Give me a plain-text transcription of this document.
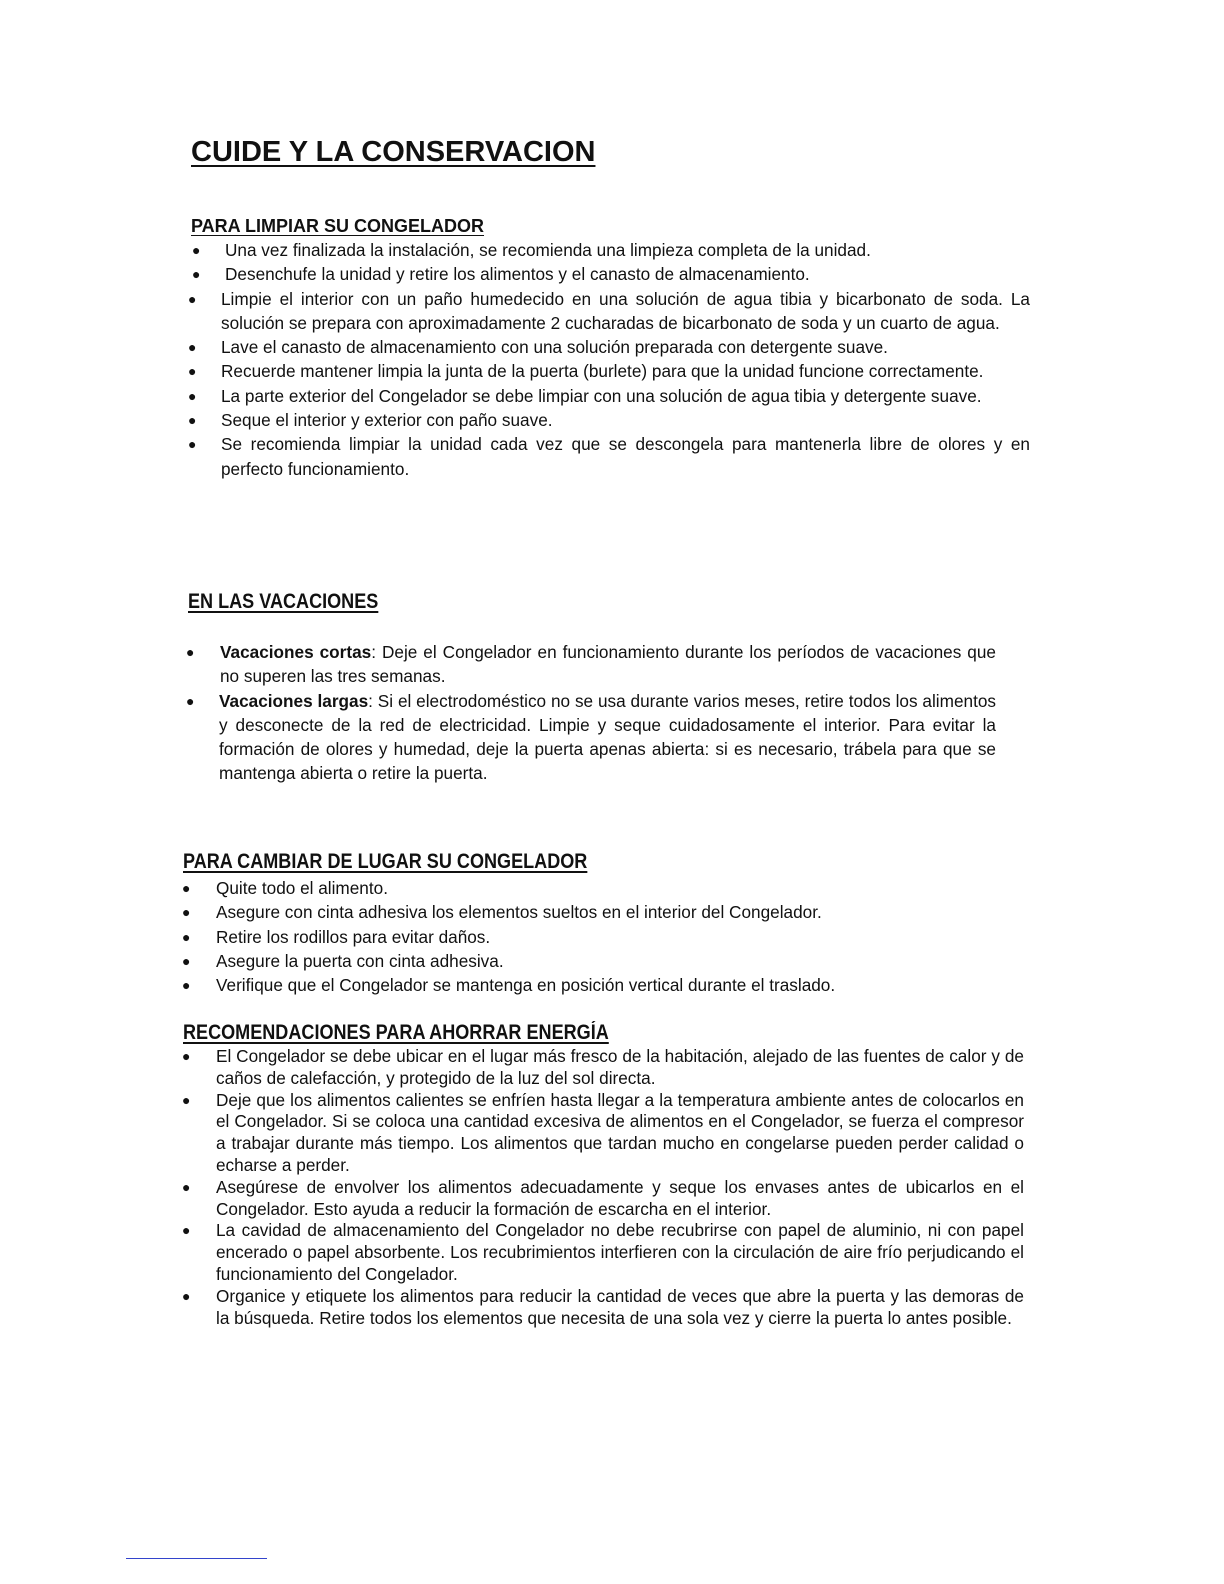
CUIDE Y LA CONSERVACION
PARA LIMPIAR SU CONGELADOR
● Una vez finalizada la instalación, se recomienda una limpieza completa de la unidad.
● Desenchufe la unidad y retire los alimentos y el canasto de almacenamiento.
● Limpie el interior con un paño humedecido en una solución de agua tibia y bicarbonato de soda. La solución se prepara con aproximadamente 2 cucharadas de bicarbonato de soda y un cuarto de agua.
● Lave el canasto de almacenamiento con una solución preparada con detergente suave.
● Recuerde mantener limpia la junta de la puerta (burlete) para que la unidad funcione correctamente.
● La parte exterior del Congelador se debe limpiar con una solución de agua tibia y detergente suave.
● Seque el interior y exterior con paño suave.
● Se recomienda limpiar la unidad cada vez que se descongela para mantenerla libre de olores y en perfecto funcionamiento.
EN LAS VACACIONES
● Vacaciones cortas: Deje el Congelador en funcionamiento durante los períodos de vacaciones que no superen las tres semanas.
● Vacaciones largas: Si el electrodoméstico no se usa durante varios meses, retire todos los alimentos y desconecte de la red de electricidad. Limpie y seque cuidadosamente el interior. Para evitar la formación de olores y humedad, deje la puerta apenas abierta: si es necesario, trábela para que se mantenga abierta o retire la puerta.
PARA CAMBIAR DE LUGAR SU CONGELADOR
● Quite todo el alimento.
● Asegure con cinta adhesiva los elementos sueltos en el interior del Congelador.
● Retire los rodillos para evitar daños.
● Asegure la puerta con cinta adhesiva.
● Verifique que el Congelador se mantenga en posición vertical durante el traslado.
RECOMENDACIONES PARA AHORRAR ENERGÍA
● El Congelador se debe ubicar en el lugar más fresco de la habitación, alejado de las fuentes de calor y de caños de calefacción, y protegido de la luz del sol directa.
● Deje que los alimentos calientes se enfríen hasta llegar a la temperatura ambiente antes de colocarlos en el Congelador. Si se coloca una cantidad excesiva de alimentos en el Congelador, se fuerza el compresor a trabajar durante más tiempo. Los alimentos que tardan mucho en congelarse pueden perder calidad o echarse a perder.
● Asegúrese de envolver los alimentos adecuadamente y seque los envases antes de ubicarlos en el Congelador. Esto ayuda a reducir la formación de escarcha en el interior.
● La cavidad de almacenamiento del Congelador no debe recubrirse con papel de aluminio, ni con papel encerado o papel absorbente. Los recubrimientos interfieren con la circulación de aire frío perjudicando el funcionamiento del Congelador.
● Organice y etiquete los alimentos para reducir la cantidad de veces que abre la puerta y las demoras de la búsqueda. Retire todos los elementos que necesita de una sola vez y cierre la puerta lo antes posible.
